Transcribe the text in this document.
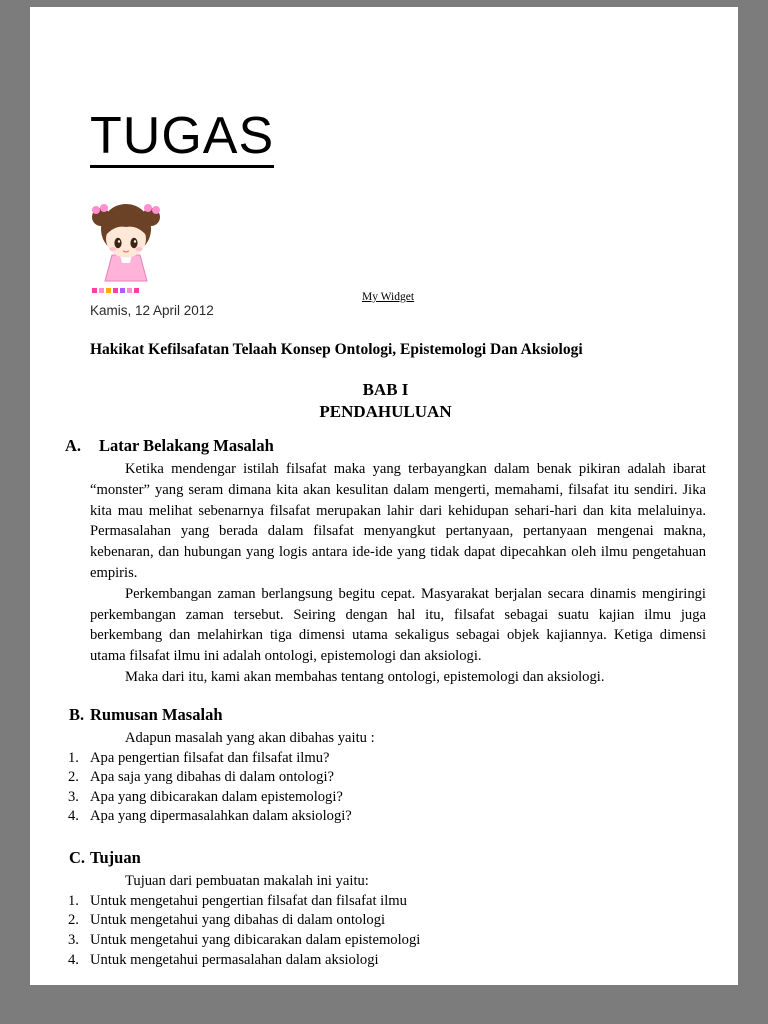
TUGAS
My Widget
Kamis, 12 April 2012
Hakikat Kefilsafatan Telaah Konsep Ontologi, Epistemologi Dan Aksiologi
BAB I
PENDAHULUAN
A.	Latar Belakang Masalah

Ketika mendengar istilah filsafat maka yang terbayangkan dalam benak pikiran adalah ibarat “monster” yang seram dimana kita akan kesulitan dalam mengerti, memahami, filsafat itu sendiri. Jika kita mau melihat sebenarnya filsafat merupakan lahir dari kehidupan sehari-hari dan kita melaluinya. Permasalahan yang berada dalam filsafat menyangkut pertanyaan, pertanyaan mengenai makna, kebenaran, dan hubungan yang logis antara ide-ide yang tidak dapat dipecahkan oleh ilmu pengetahuan empiris.

Perkembangan zaman berlangsung begitu cepat. Masyarakat berjalan secara dinamis mengiringi perkembangan zaman tersebut. Seiring dengan hal itu, filsafat sebagai suatu kajian ilmu juga berkembang dan melahirkan tiga dimensi utama sekaligus sebagai objek kajiannya. Ketiga dimensi utama filsafat ilmu ini adalah ontologi, epistemologi dan aksiologi.

Maka dari itu, kami akan membahas tentang ontologi, epistemologi dan aksiologi.

B. Rumusan Masalah

Adapun masalah yang akan dibahas yaitu :

1. Apa pengertian filsafat dan filsafat ilmu?
2. Apa saja yang dibahas di dalam ontologi?
3. Apa yang dibicarakan dalam epistemologi?
4. Apa yang dipermasalahkan dalam aksiologi?
C. Tujuan

Tujuan dari pembuatan makalah ini yaitu:

1. Untuk mengetahui pengertian filsafat dan filsafat ilmu
2. Untuk mengetahui yang dibahas di dalam ontologi
3. Untuk mengetahui yang dibicarakan dalam epistemologi
4. Untuk mengetahui permasalahan dalam aksiologi
